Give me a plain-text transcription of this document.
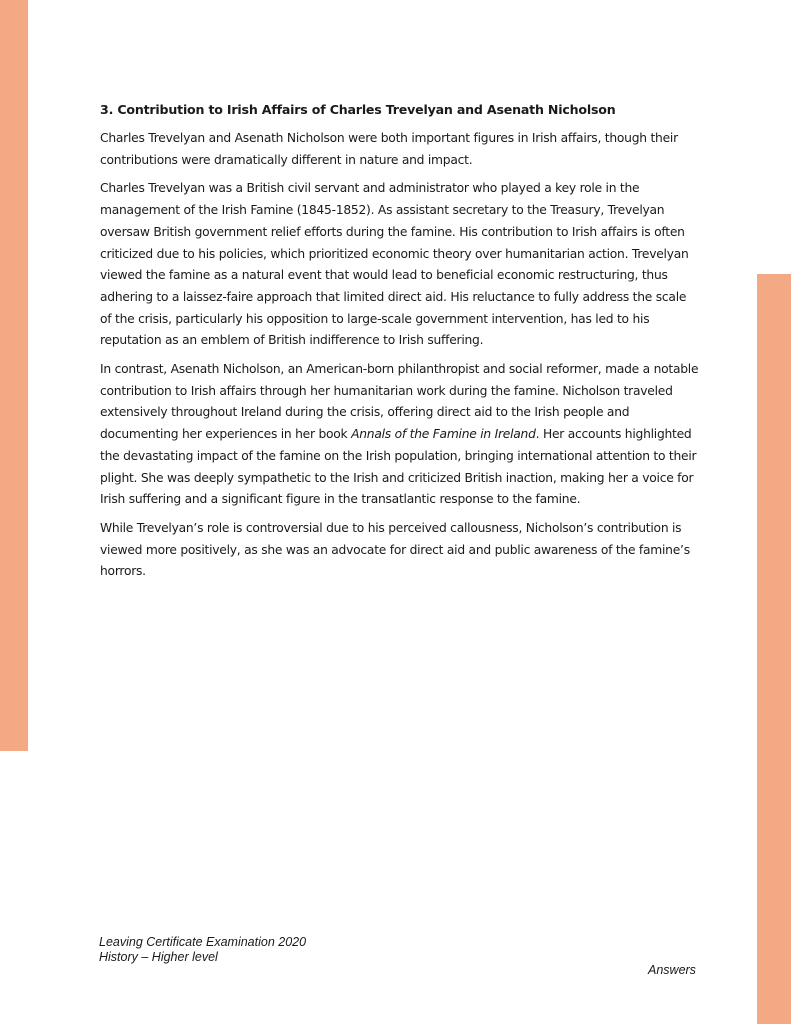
3. Contribution to Irish Affairs of Charles Trevelyan and Asenath Nicholson

Charles Trevelyan and Asenath Nicholson were both important figures in Irish affairs, though their contributions were dramatically different in nature and impact.

Charles Trevelyan was a British civil servant and administrator who played a key role in the management of the Irish Famine (1845-1852). As assistant secretary to the Treasury, Trevelyan oversaw British government relief efforts during the famine. His contribution to Irish affairs is often criticized due to his policies, which prioritized economic theory over humanitarian action. Trevelyan viewed the famine as a natural event that would lead to beneficial economic restructuring, thus adhering to a laissez-faire approach that limited direct aid. His reluctance to fully address the scale of the crisis, particularly his opposition to large-scale government intervention, has led to his reputation as an emblem of British indifference to Irish suffering.

In contrast, Asenath Nicholson, an American-born philanthropist and social reformer, made a notable contribution to Irish affairs through her humanitarian work during the famine. Nicholson traveled extensively throughout Ireland during the crisis, offering direct aid to the Irish people and documenting her experiences in her book Annals of the Famine in Ireland. Her accounts highlighted the devastating impact of the famine on the Irish population, bringing international attention to their plight. She was deeply sympathetic to the Irish and criticized British inaction, making her a voice for Irish suffering and a significant figure in the transatlantic response to the famine.

While Trevelyan’s role is controversial due to his perceived callousness, Nicholson’s contribution is viewed more positively, as she was an advocate for direct aid and public awareness of the famine’s horrors.

Leaving Certificate Examination 2020
History – Higher level
Answers
